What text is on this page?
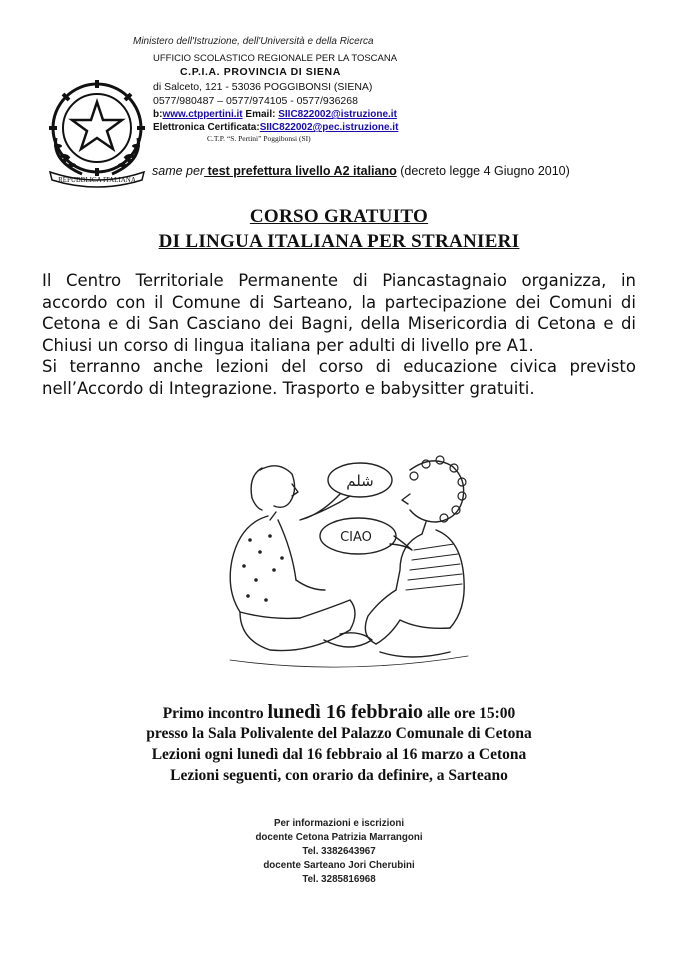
Ministero dell'Istruzione, dell'Università e della Ricerca
REPUBBLICA ITALIANA
UFFICIO SCOLASTICO REGIONALE PER LA TOSCANA
C.P.I.A. PROVINCIA DI SIENA
di Salceto, 121 - 53036 POGGIBONSI (SIENA)
0577/980487 – 0577/974105 - 0577/936268
b:www.ctppertini.it Email: SIIC822002@istruzione.it
Elettronica Certificata:SIIC822002@pec.istruzione.it
C.T.P. “S. Pertini” Poggibonsi (SI)
same per test prefettura livello A2 italiano (decreto legge 4 Giugno 2010)
CORSO GRATUITO
DI LINGUA ITALIANA PER STRANIERI

Il Centro Territoriale Permanente di Piancastagnaio organizza, in accordo con il Comune di Sarteano, la partecipazione dei Comuni di Cetona e di San Casciano dei Bagni, della Misericordia di Cetona e di Chiusi un corso di lingua italiana per adulti di livello pre A1.

Si terranno anche lezioni del corso di educazione civica previsto nell’Accordo di Integrazione. Trasporto e babysitter gratuiti.

شلم
CIAO
Primo incontro lunedì 16 febbraio alle ore 15:00
presso la Sala Polivalente del Palazzo Comunale di Cetona
Lezioni ogni lunedì dal 16 febbraio al 16 marzo a Cetona
Lezioni seguenti, con orario da definire, a Sarteano
Per informazioni e iscrizioni
docente Cetona Patrizia Marrangoni
Tel. 3382643967
docente Sarteano Jori Cherubini
Tel. 3285816968
